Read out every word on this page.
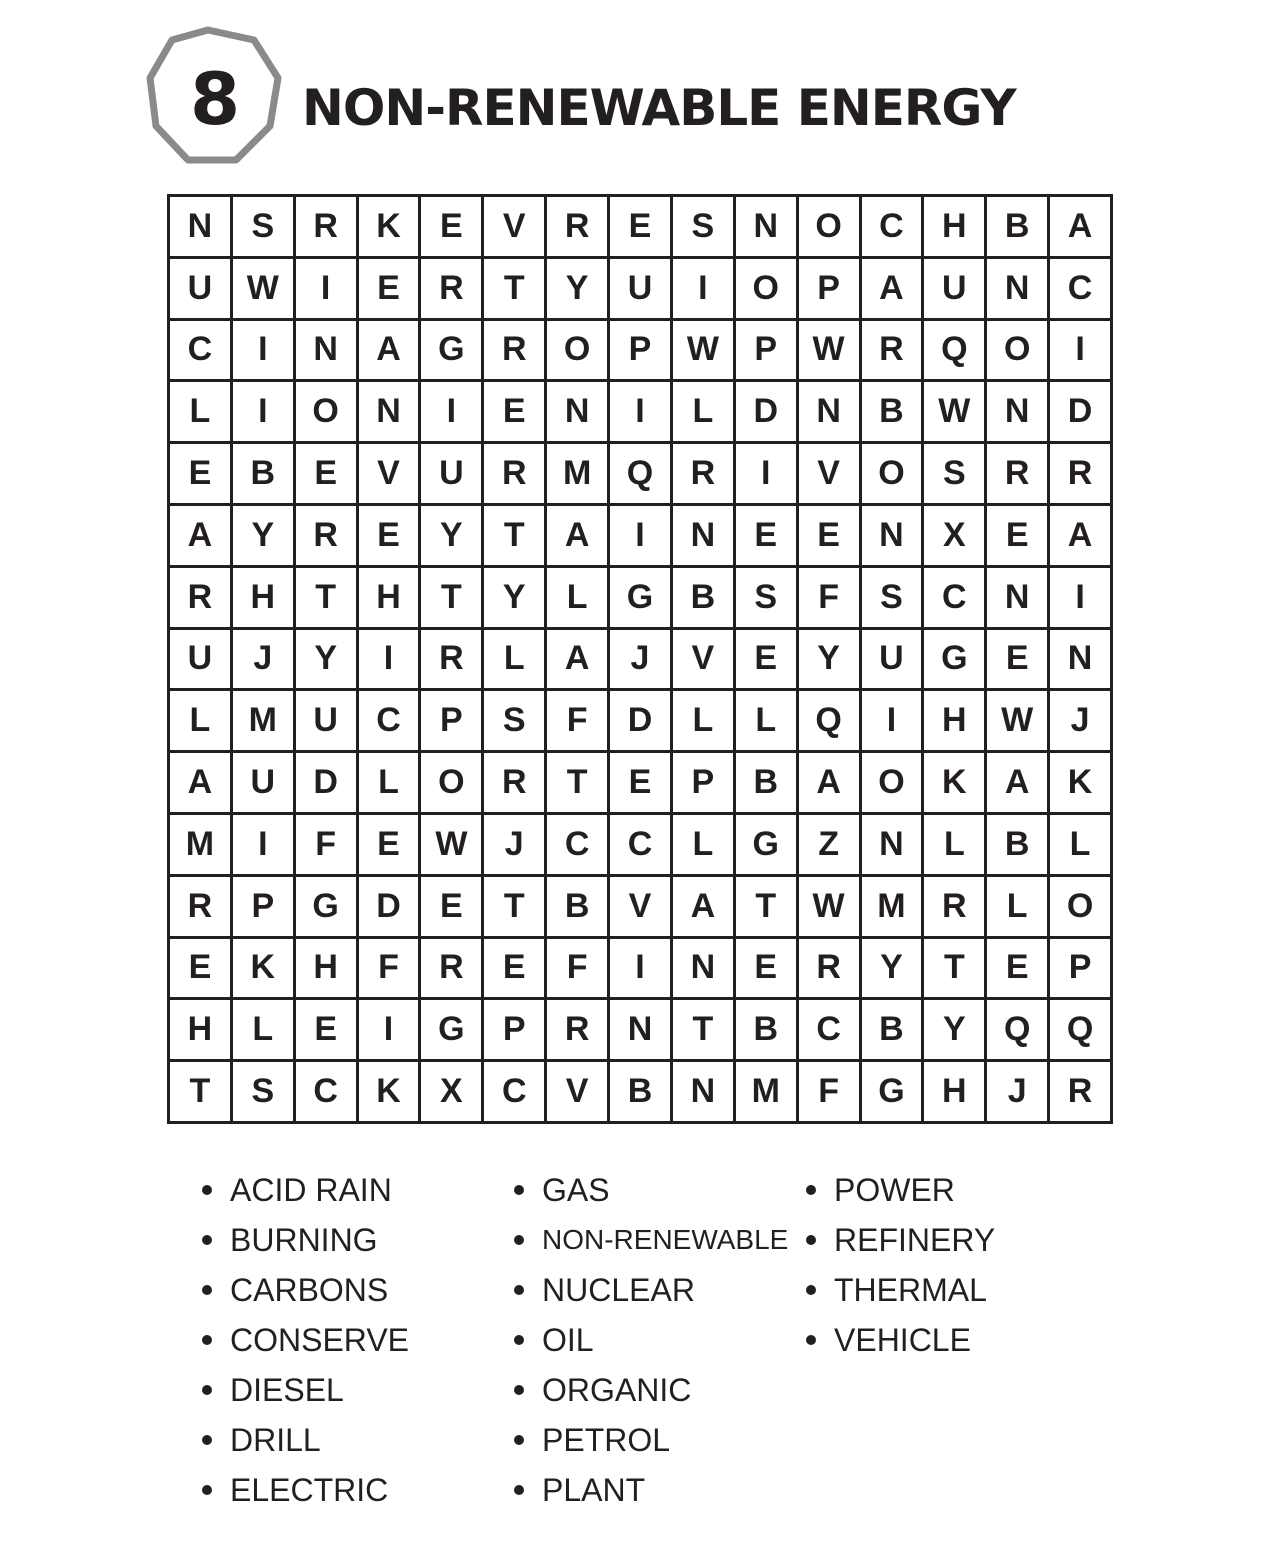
8	NON-RENEWABLE ENERGY
N	S	R	K	E	V	R	E	S	N	O	C	H	B	A
U	W	I	E	R	T	Y	U	I	O	P	A	U	N	C
C	I	N	A	G	R	O	P	W	P	W	R	Q	O	I
L	I	O	N	I	E	N	I	L	D	N	B	W	N	D
E	B	E	V	U	R	M	Q	R	I	V	O	S	R	R
A	Y	R	E	Y	T	A	I	N	E	E	N	X	E	A
R	H	T	H	T	Y	L	G	B	S	F	S	C	N	I
U	J	Y	I	R	L	A	J	V	E	Y	U	G	E	N
L	M	U	C	P	S	F	D	L	L	Q	I	H	W	J
A	U	D	L	O	R	T	E	P	B	A	O	K	A	K
M	I	F	E	W	J	C	C	L	G	Z	N	L	B	L
R	P	G	D	E	T	B	V	A	T	W M	R	L	O
E	K	H	F	R	E	F	I	N	E	R	Y	T	E	P
H	L	E	I	G	P	R	N	T	B	C	B	Y	Q	Q
T	S	C	K	X	C	V	B	N	M	F	G	H	J	R
ACID RAIN
BURNING
CARBONS
CONSERVE
DIESEL
DRILL
ELECTRIC
GAS
NON-RENEWABLE
NUCLEAR
OIL
ORGANIC
PETROL
PLANT
POWER
REFINERY
THERMAL
VEHICLE
